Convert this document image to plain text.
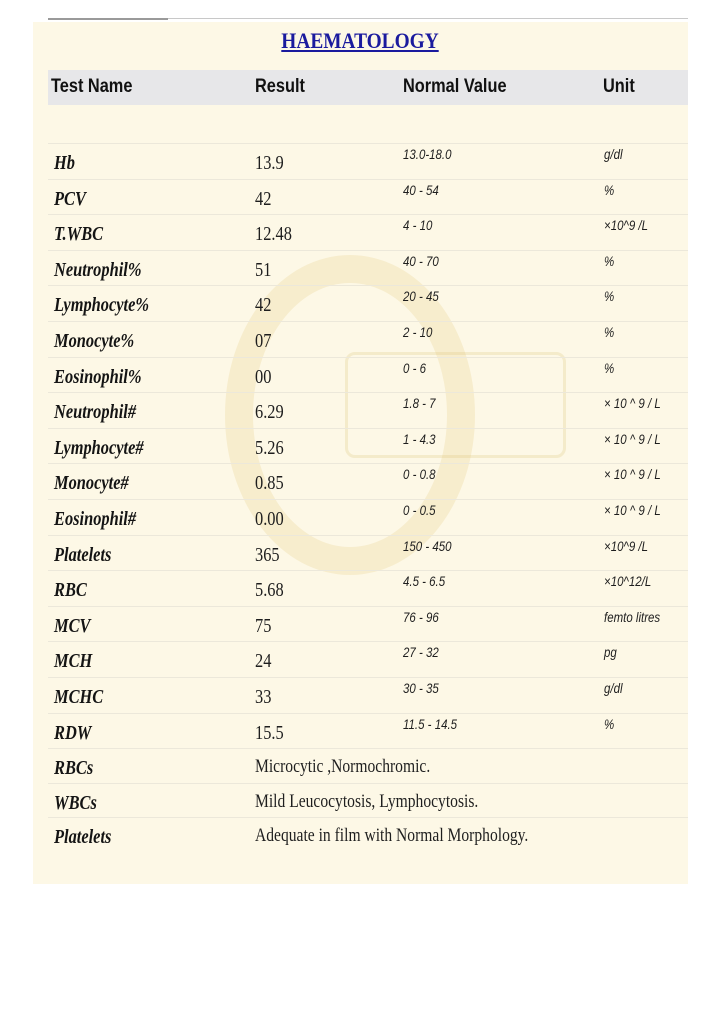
HAEMATOLOGY
Test Name	Result	Normal Value	Unit
Hb	13.9	13.0-18.0	g/dl
PCV	42	40 - 54	%
T.WBC	12.48	4 - 10	×10^9 /L
Neutrophil%	51	40 - 70	%
Lymphocyte%	42	20 - 45	%
Monocyte%	07	2 - 10	%
Eosinophil%	00	0 - 6	%
Neutrophil#	6.29	1.8 - 7	× 10 ^ 9 / L
Lymphocyte#	5.26	1 - 4.3	× 10 ^ 9 / L
Monocyte#	0.85	0 - 0.8	× 10 ^ 9 / L
Eosinophil#	0.00	0 - 0.5	× 10 ^ 9 / L
Platelets	365	150 - 450	×10^9 /L
RBC	5.68	4.5 - 6.5	×10^12/L
MCV	75	76 - 96	femto litres
MCH	24	27 - 32	pg
MCHC	33	30 - 35	g/dl
RDW	15.5	11.5 - 14.5	%
RBCs	Microcytic ,Normochromic.
WBCs	Mild Leucocytosis, Lymphocytosis.
Platelets	Adequate in film with Normal Morphology.
